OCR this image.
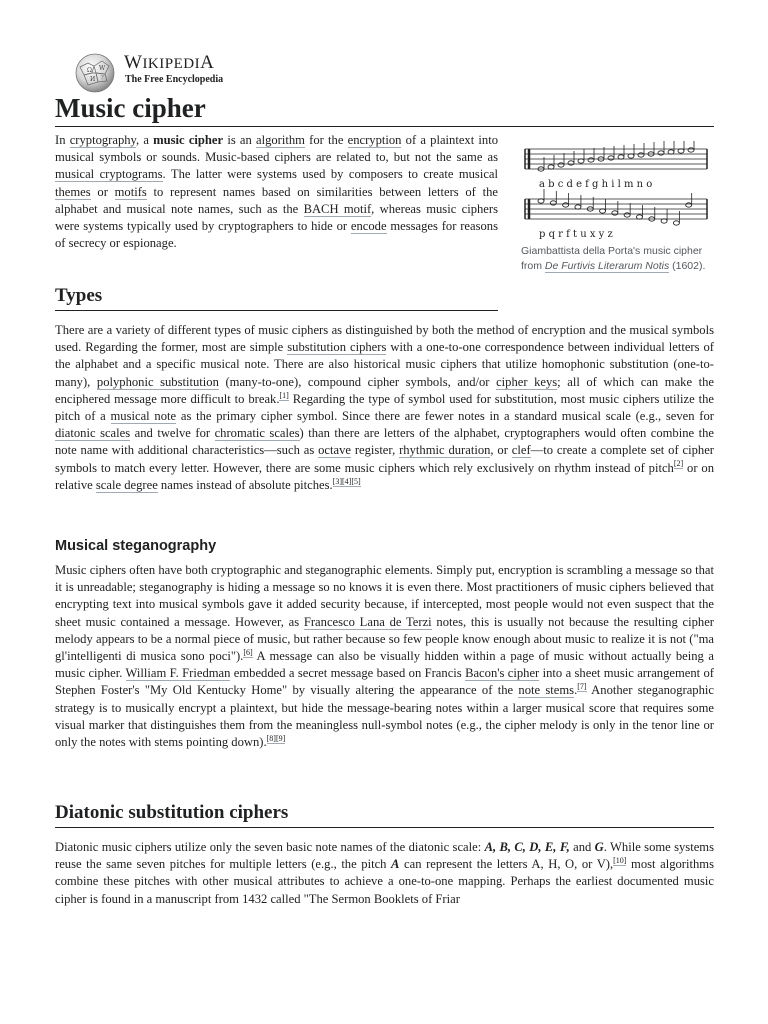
Ω W
И ア
WIKIPEDIA
The Free Encyclopedia
Music cipher

In cryptography, a music cipher is an algorithm for the encryption of a plaintext into musical symbols or sounds. Music-based ciphers are related to, but not the same as musical cryptograms. The latter were systems used by composers to create musical themes or motifs to represent names based on similarities between letters of the alphabet and musical note names, such as the BACH motif, whereas music ciphers were systems typically used by cryptographers to hide or encode messages for reasons of secrecy or espionage.

a b c d e f g h i l m n o
p q r f t u x y z
Giambattista della Porta's music cipher from De Furtivis Literarum Notis (1602).
Types

There are a variety of different types of music ciphers as distinguished by both the method of encryption and the musical symbols used. Regarding the former, most are simple substitution ciphers with a one-to-one correspondence between individual letters of the alphabet and a specific musical note. There are also historical music ciphers that utilize homophonic substitution (one-to-many), polyphonic substitution (many-to-one), compound cipher symbols, and/or cipher keys; all of which can make the enciphered message more difficult to break.[1] Regarding the type of symbol used for substitution, most music ciphers utilize the pitch of a musical note as the primary cipher symbol. Since there are fewer notes in a standard musical scale (e.g., seven for diatonic scales and twelve for chromatic scales) than there are letters of the alphabet, cryptographers would often combine the note name with additional characteristics—such as octave register, rhythmic duration, or clef—to create a complete set of cipher symbols to match every letter. However, there are some music ciphers which rely exclusively on rhythm instead of pitch[2] or on relative scale degree names instead of absolute pitches.[3][4][5]

Musical steganography

Music ciphers often have both cryptographic and steganographic elements. Simply put, encryption is scrambling a message so that it is unreadable; steganography is hiding a message so no knows it is even there. Most practitioners of music ciphers believed that encrypting text into musical symbols gave it added security because, if intercepted, most people would not even suspect that the sheet music contained a message. However, as Francesco Lana de Terzi notes, this is usually not because the resulting cipher melody appears to be a normal piece of music, but rather because so few people know enough about music to realize it is not ("ma gl'intelligenti di musica sono poci").[6] A message can also be visually hidden within a page of music without actually being a music cipher. William F. Friedman embedded a secret message based on Francis Bacon's cipher into a sheet music arrangement of Stephen Foster's "My Old Kentucky Home" by visually altering the appearance of the note stems.[7] Another steganographic strategy is to musically encrypt a plaintext, but hide the message-bearing notes within a larger musical score that requires some visual marker that distinguishes them from the meaningless null-symbol notes (e.g., the cipher melody is only in the tenor line or only the notes with stems pointing down).[8][9]

Diatonic substitution ciphers

Diatonic music ciphers utilize only the seven basic note names of the diatonic scale: A, B, C, D, E, F, and G. While some systems reuse the same seven pitches for multiple letters (e.g., the pitch A can represent the letters A, H, O, or V),[10] most algorithms combine these pitches with other musical attributes to achieve a one-to-one mapping. Perhaps the earliest documented music cipher is found in a manuscript from 1432 called "The Sermon Booklets of Friar
